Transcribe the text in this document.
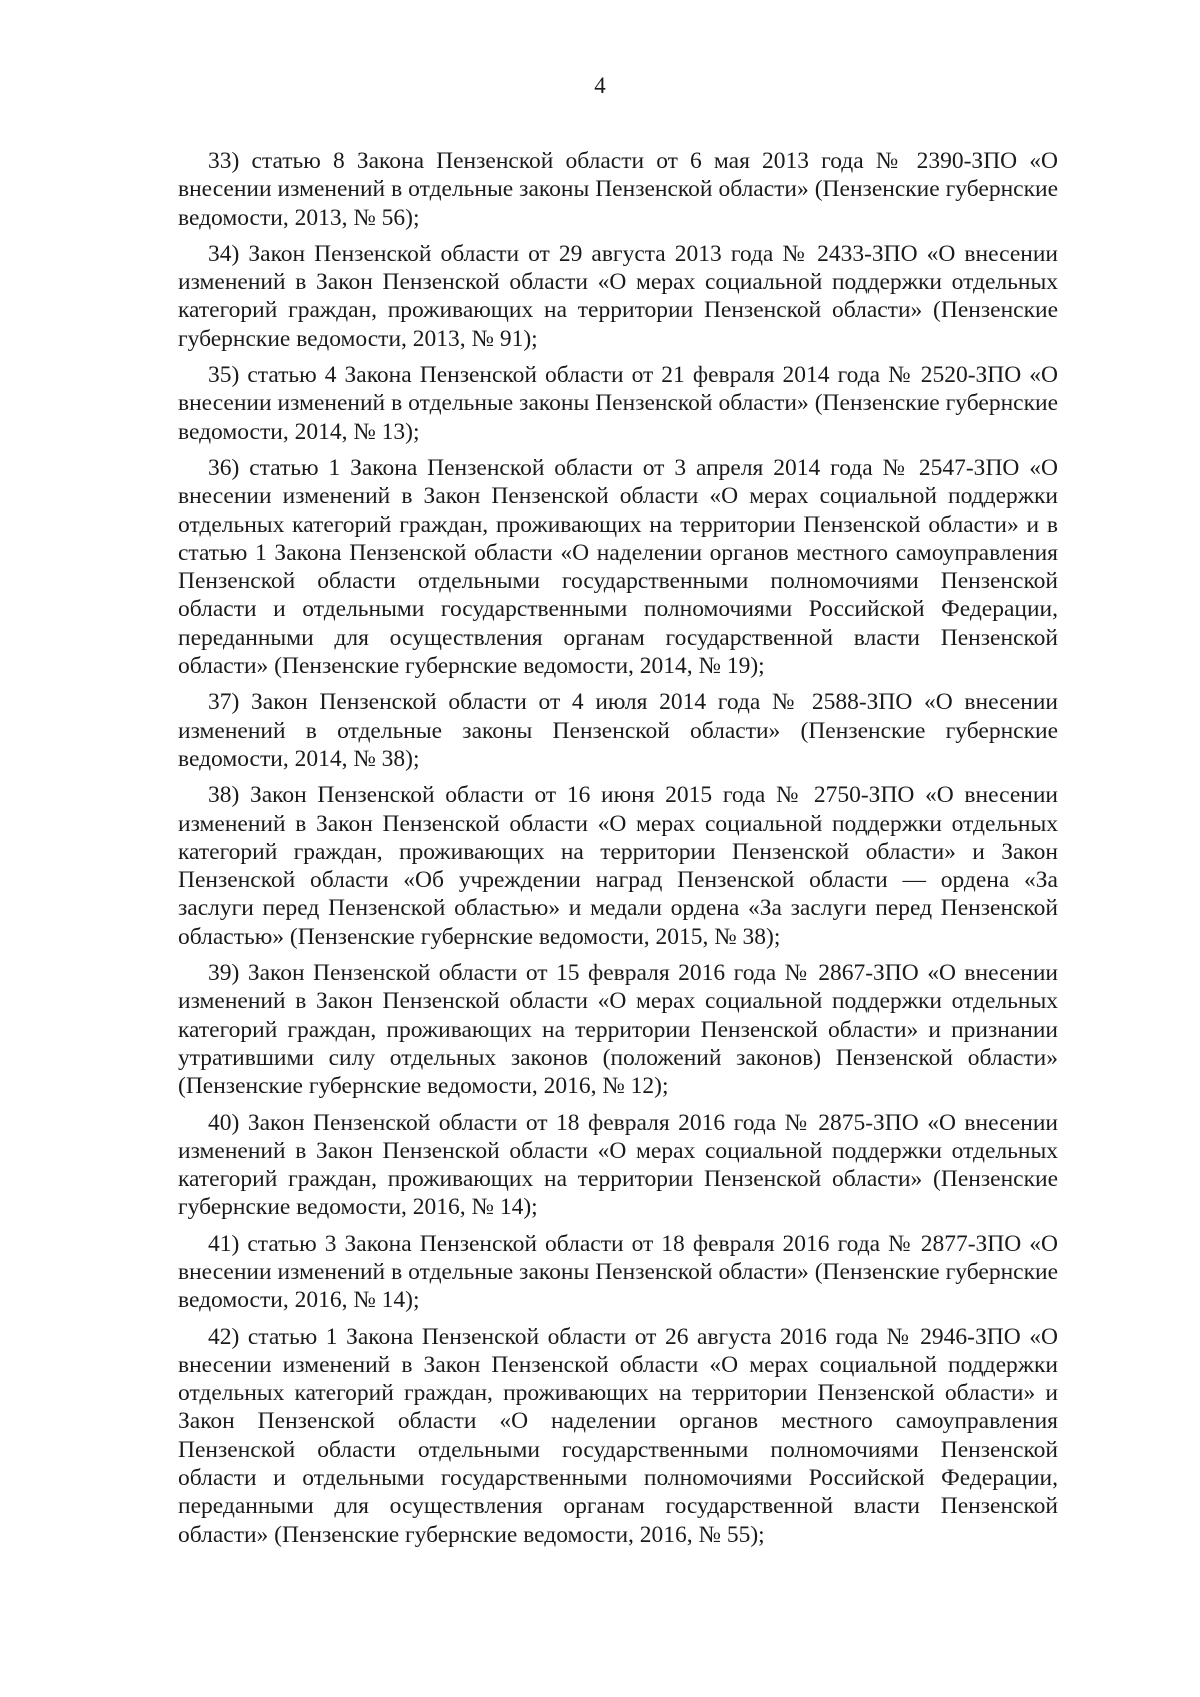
4

33) статью 8 Закона Пензенской области от 6 мая 2013 года № 2390-ЗПО «О внесении изменений в отдельные законы Пензенской области» (Пензенские губернские ведомости, 2013, № 56);

34) Закон Пензенской области от 29 августа 2013 года № 2433-ЗПО «О внесении изменений в Закон Пензенской области «О мерах социальной поддержки отдельных категорий граждан, проживающих на территории Пензенской области» (Пензенские губернские ведомости, 2013, № 91);

35) статью 4 Закона Пензенской области от 21 февраля 2014 года № 2520-ЗПО «О внесении изменений в отдельные законы Пензенской области» (Пензенские губернские ведомости, 2014, № 13);

36) статью 1 Закона Пензенской области от 3 апреля 2014 года № 2547-ЗПО «О внесении изменений в Закон Пензенской области «О мерах социальной поддержки отдельных категорий граждан, проживающих на территории Пензенской области» и в статью 1 Закона Пензенской области «О наделении органов местного самоуправления Пензенской области отдельными государственными полномочиями Пензенской области и отдельными государственными полномочиями Российской Федерации, переданными для осуществления органам государственной власти Пензенской области» (Пензенские губернские ведомости, 2014, № 19);

37) Закон Пензенской области от 4 июля 2014 года № 2588-ЗПО «О внесении изменений в отдельные законы Пензенской области» (Пензенские губернские ведомости, 2014, № 38);

38) Закон Пензенской области от 16 июня 2015 года № 2750-ЗПО «О внесении изменений в Закон Пензенской области «О мерах социальной поддержки отдельных категорий граждан, проживающих на территории Пензенской области» и Закон Пензенской области «Об учреждении наград Пензенской области — ордена «За заслуги перед Пензенской областью» и медали ордена «За заслуги перед Пензенской областью» (Пензенские губернские ведомости, 2015, № 38);

39) Закон Пензенской области от 15 февраля 2016 года № 2867-ЗПО «О внесении изменений в Закон Пензенской области «О мерах социальной поддержки отдельных категорий граждан, проживающих на территории Пензенской области» и признании утратившими силу отдельных законов (положений законов) Пензенской области» (Пензенские губернские ведомости, 2016, № 12);

40) Закон Пензенской области от 18 февраля 2016 года № 2875-ЗПО «О внесении изменений в Закон Пензенской области «О мерах социальной поддержки отдельных категорий граждан, проживающих на территории Пензенской области» (Пензенские губернские ведомости, 2016, № 14);

41) статью 3 Закона Пензенской области от 18 февраля 2016 года № 2877-ЗПО «О внесении изменений в отдельные законы Пензенской области» (Пензенские губернские ведомости, 2016, № 14);

42) статью 1 Закона Пензенской области от 26 августа 2016 года № 2946-ЗПО «О внесении изменений в Закон Пензенской области «О мерах социальной поддержки отдельных категорий граждан, проживающих на территории Пензенской области» и Закон Пензенской области «О наделении органов местного самоуправления Пензенской области отдельными государственными полномочиями Пензенской области и отдельными государственными полномочиями Российской Федерации, переданными для осуществления органам государственной власти Пензенской области» (Пензенские губернские ведомости, 2016, № 55);
